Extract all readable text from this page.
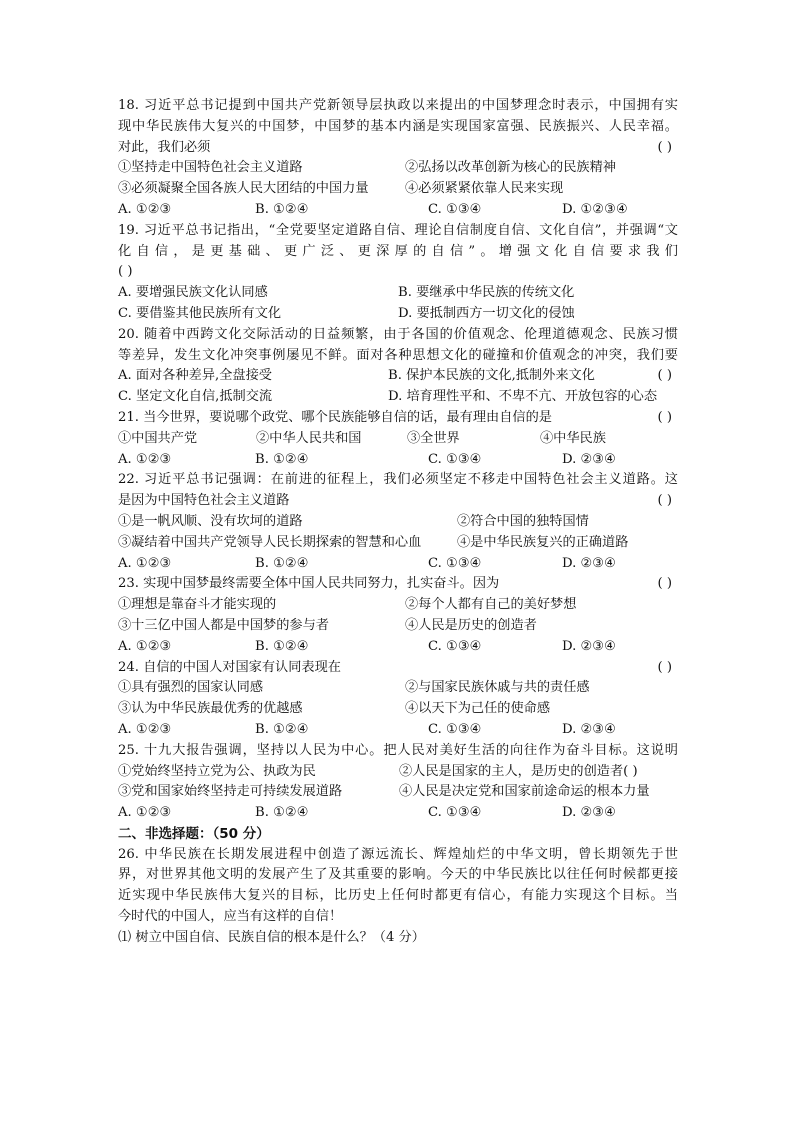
18. 习近平总书记提到中国共产党新领导层执政以来提出的中国梦理念时表示，中国拥有实
现中华民族伟大复兴的中国梦，中国梦的基本内涵是实现国家富强、民族振兴、人民幸福。
对此，我们必须	( )
①坚持走中国特色社会主义道路	②弘扬以改革创新为核心的民族精神
③必须凝聚全国各族人民大团结的中国力量	④必须紧紧依靠人民来实现
A. ①②③	B. ①②④	C. ①③④	D. ①②③④
19. 习近平总书记指出，“全党要坚定道路自信、理论自信制度自信、文化自信”，并强调“文
化自信，是更基础、更广泛、更深厚的自信”。增强文化自信要求我们
( )
A. 要增强民族文化认同感	B. 要继承中华民族的传统文化
C. 要借鉴其他民族所有文化	D. 要抵制西方一切文化的侵蚀
20. 随着中西跨文化交际活动的日益频繁，由于各国的价值观念、伦理道德观念、民族习惯
等差异，发生文化冲突事例屡见不鲜。面对各种思想文化的碰撞和价值观念的冲突，我们要
A. 面对各种差异,全盘接受	B. 保护本民族的文化,抵制外来文化	( )
C. 坚定文化自信,抵制交流	D. 培育理性平和、不卑不亢、开放包容的心态
21. 当今世界，要说哪个政党、哪个民族能够自信的话，最有理由自信的是	( )
①中国共产党	②中华人民共和国	③全世界	④中华民族
A. ①②③	B. ①②④	C. ①③④	D. ②③④
22. 习近平总书记强调：在前进的征程上，我们必须坚定不移走中国特色社会主义道路。这
是因为中国特色社会主义道路	( )
①是一帆风顺、没有坎坷的道路	②符合中国的独特国情
③凝结着中国共产党领导人民长期探索的智慧和心血	④是中华民族复兴的正确道路
A. ①②③	B. ①②④	C. ①③④	D. ②③④
23. 实现中国梦最终需要全体中国人民共同努力，扎实奋斗。因为	( )
①理想是靠奋斗才能实现的	②每个人都有自己的美好梦想
③十三亿中国人都是中国梦的参与者	④人民是历史的创造者
A. ①②③	B. ①②④	C. ①③④	D. ②③④
24. 自信的中国人对国家有认同表现在	( )
①具有强烈的国家认同感	②与国家民族休戚与共的责任感
③认为中华民族最优秀的优越感	④以天下为己任的使命感
A. ①②③	B. ①②④	C. ①③④	D. ②③④
25. 十九大报告强调，坚持以人民为中心。把人民对美好生活的向往作为奋斗目标。这说明
①党始终坚持立党为公、执政为民	②人民是国家的主人，是历史的创造者( )
③党和国家始终坚持走可持续发展道路	④人民是决定党和国家前途命运的根本力量
A. ①②③	B. ①②④	C. ①③④	D. ②③④
二、非选择题：（50 分）
26. 中华民族在长期发展进程中创造了源远流长、辉煌灿烂的中华文明，曾长期领先于世
界，对世界其他文明的发展产生了及其重要的影响。今天的中华民族比以往任何时候都更接
近实现中华民族伟大复兴的目标，比历史上任何时都更有信心，有能力实现这个目标。当
今时代的中国人，应当有这样的自信！
⑴ 树立中国自信、民族自信的根本是什么？（4 分）
